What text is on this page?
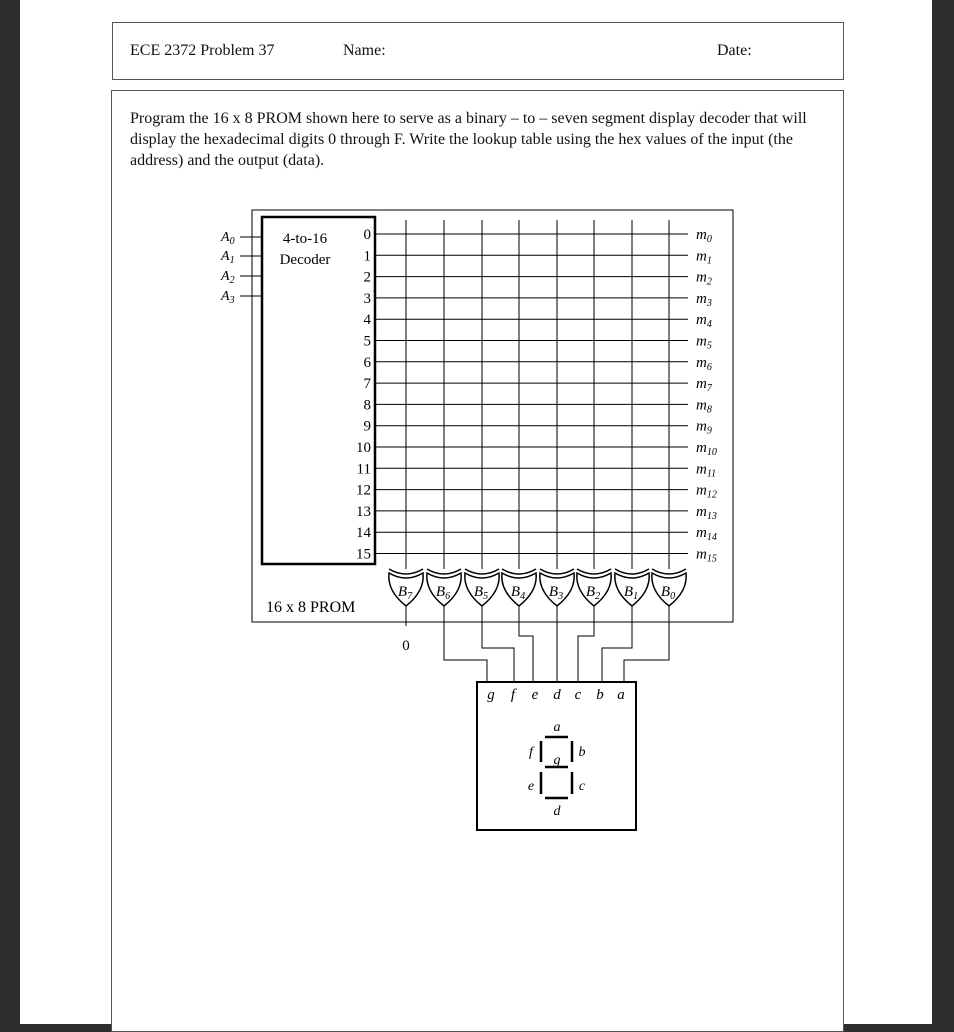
ECE 2372 Problem 37	Name:	Date:
Program the 16 x 8 PROM shown here to serve as a binary – to – seven segment display decoder that will display the hexadecimal digits 0 through F. Write the lookup table using the hex values of the input (the address) and the output (data).
4-to-16
Decoder
$A_0$
$A_1$
$A_2$
$A_3$
0	$m_0$
1	$m_1$
2	$m_2$
3	$m_3$
4	$m_4$
5	$m_5$
6	$m_6$
7	$m_7$
8	$m_8$
9	$m_9$
10	$m_{10}$
11	$m_{11}$
12	$m_{12}$
13	$m_{13}$
14	$m_{14}$
15	$m_{15}$
$B_7$ $B_6$ $B_5$ $B_4$ $B_3$ $B_2$ $B_1$ $B_0$
16 x 8 PROM
0
g f e d c b a
a
f	b
g
e	c
d
